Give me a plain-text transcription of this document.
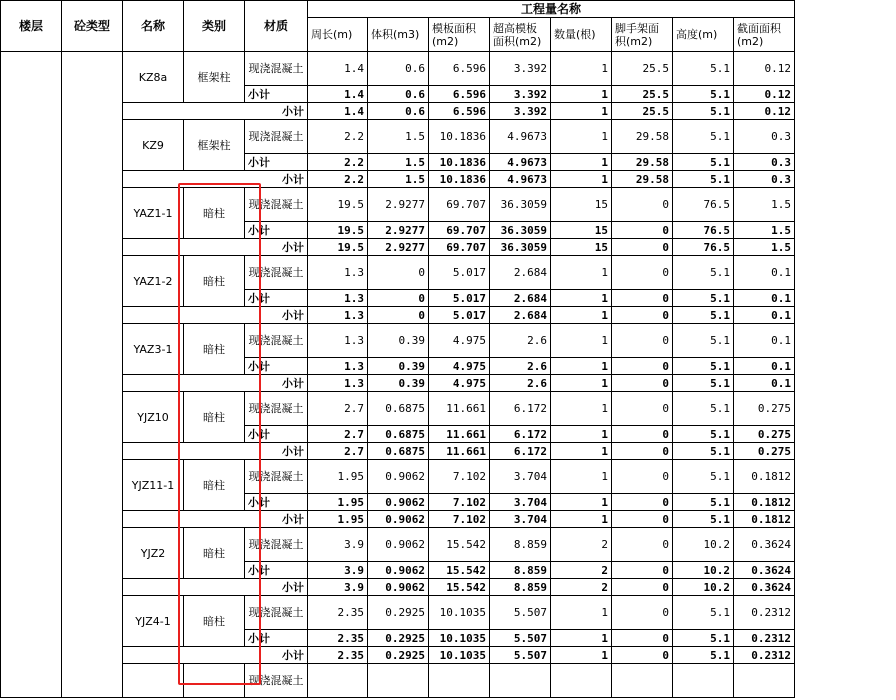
楼层	砼类型	名称	类别	材质	工程量名称							
					周长(m)	体积(m3)	模板面积(m2)	超高模板面积(m2)	数量(根)	脚手架面积(m2)	高度(m)	截面面积(m2)
		KZ8a	框架柱	现浇混凝土	1.4	0.6	6.596	3.392	1	25.5	5.1	0.12
				小计	1.4	0.6	6.596	3.392	1	25.5	5.1	0.12
		小计			1.4	0.6	6.596	3.392	1	25.5	5.1	0.12
		KZ9	框架柱	现浇混凝土	2.2	1.5	10.1836	4.9673	1	29.58	5.1	0.3
				小计	2.2	1.5	10.1836	4.9673	1	29.58	5.1	0.3
		小计			2.2	1.5	10.1836	4.9673	1	29.58	5.1	0.3
		YAZ1-1	暗柱	现浇混凝土	19.5	2.9277	69.707	36.3059	15	0	76.5	1.5
				小计	19.5	2.9277	69.707	36.3059	15	0	76.5	1.5
		小计			19.5	2.9277	69.707	36.3059	15	0	76.5	1.5
		YAZ1-2	暗柱	现浇混凝土	1.3	0	5.017	2.684	1	0	5.1	0.1
				小计	1.3	0	5.017	2.684	1	0	5.1	0.1
		小计			1.3	0	5.017	2.684	1	0	5.1	0.1
		YAZ3-1	暗柱	现浇混凝土	1.3	0.39	4.975	2.6	1	0	5.1	0.1
				小计	1.3	0.39	4.975	2.6	1	0	5.1	0.1
		小计			1.3	0.39	4.975	2.6	1	0	5.1	0.1
		YJZ10	暗柱	现浇混凝土	2.7	0.6875	11.661	6.172	1	0	5.1	0.275
				小计	2.7	0.6875	11.661	6.172	1	0	5.1	0.275
		小计			2.7	0.6875	11.661	6.172	1	0	5.1	0.275
		YJZ11-1	暗柱	现浇混凝土	1.95	0.9062	7.102	3.704	1	0	5.1	0.1812
				小计	1.95	0.9062	7.102	3.704	1	0	5.1	0.1812
		小计			1.95	0.9062	7.102	3.704	1	0	5.1	0.1812
		YJZ2	暗柱	现浇混凝土	3.9	0.9062	15.542	8.859	2	0	10.2	0.3624
				小计	3.9	0.9062	15.542	8.859	2	0	10.2	0.3624
		小计			3.9	0.9062	15.542	8.859	2	0	10.2	0.3624
		YJZ4-1	暗柱	现浇混凝土	2.35	0.2925	10.1035	5.507	1	0	5.1	0.2312
				小计	2.35	0.2925	10.1035	5.507	1	0	5.1	0.2312
		小计			2.35	0.2925	10.1035	5.507	1	0	5.1	0.2312
				现浇混凝土								
